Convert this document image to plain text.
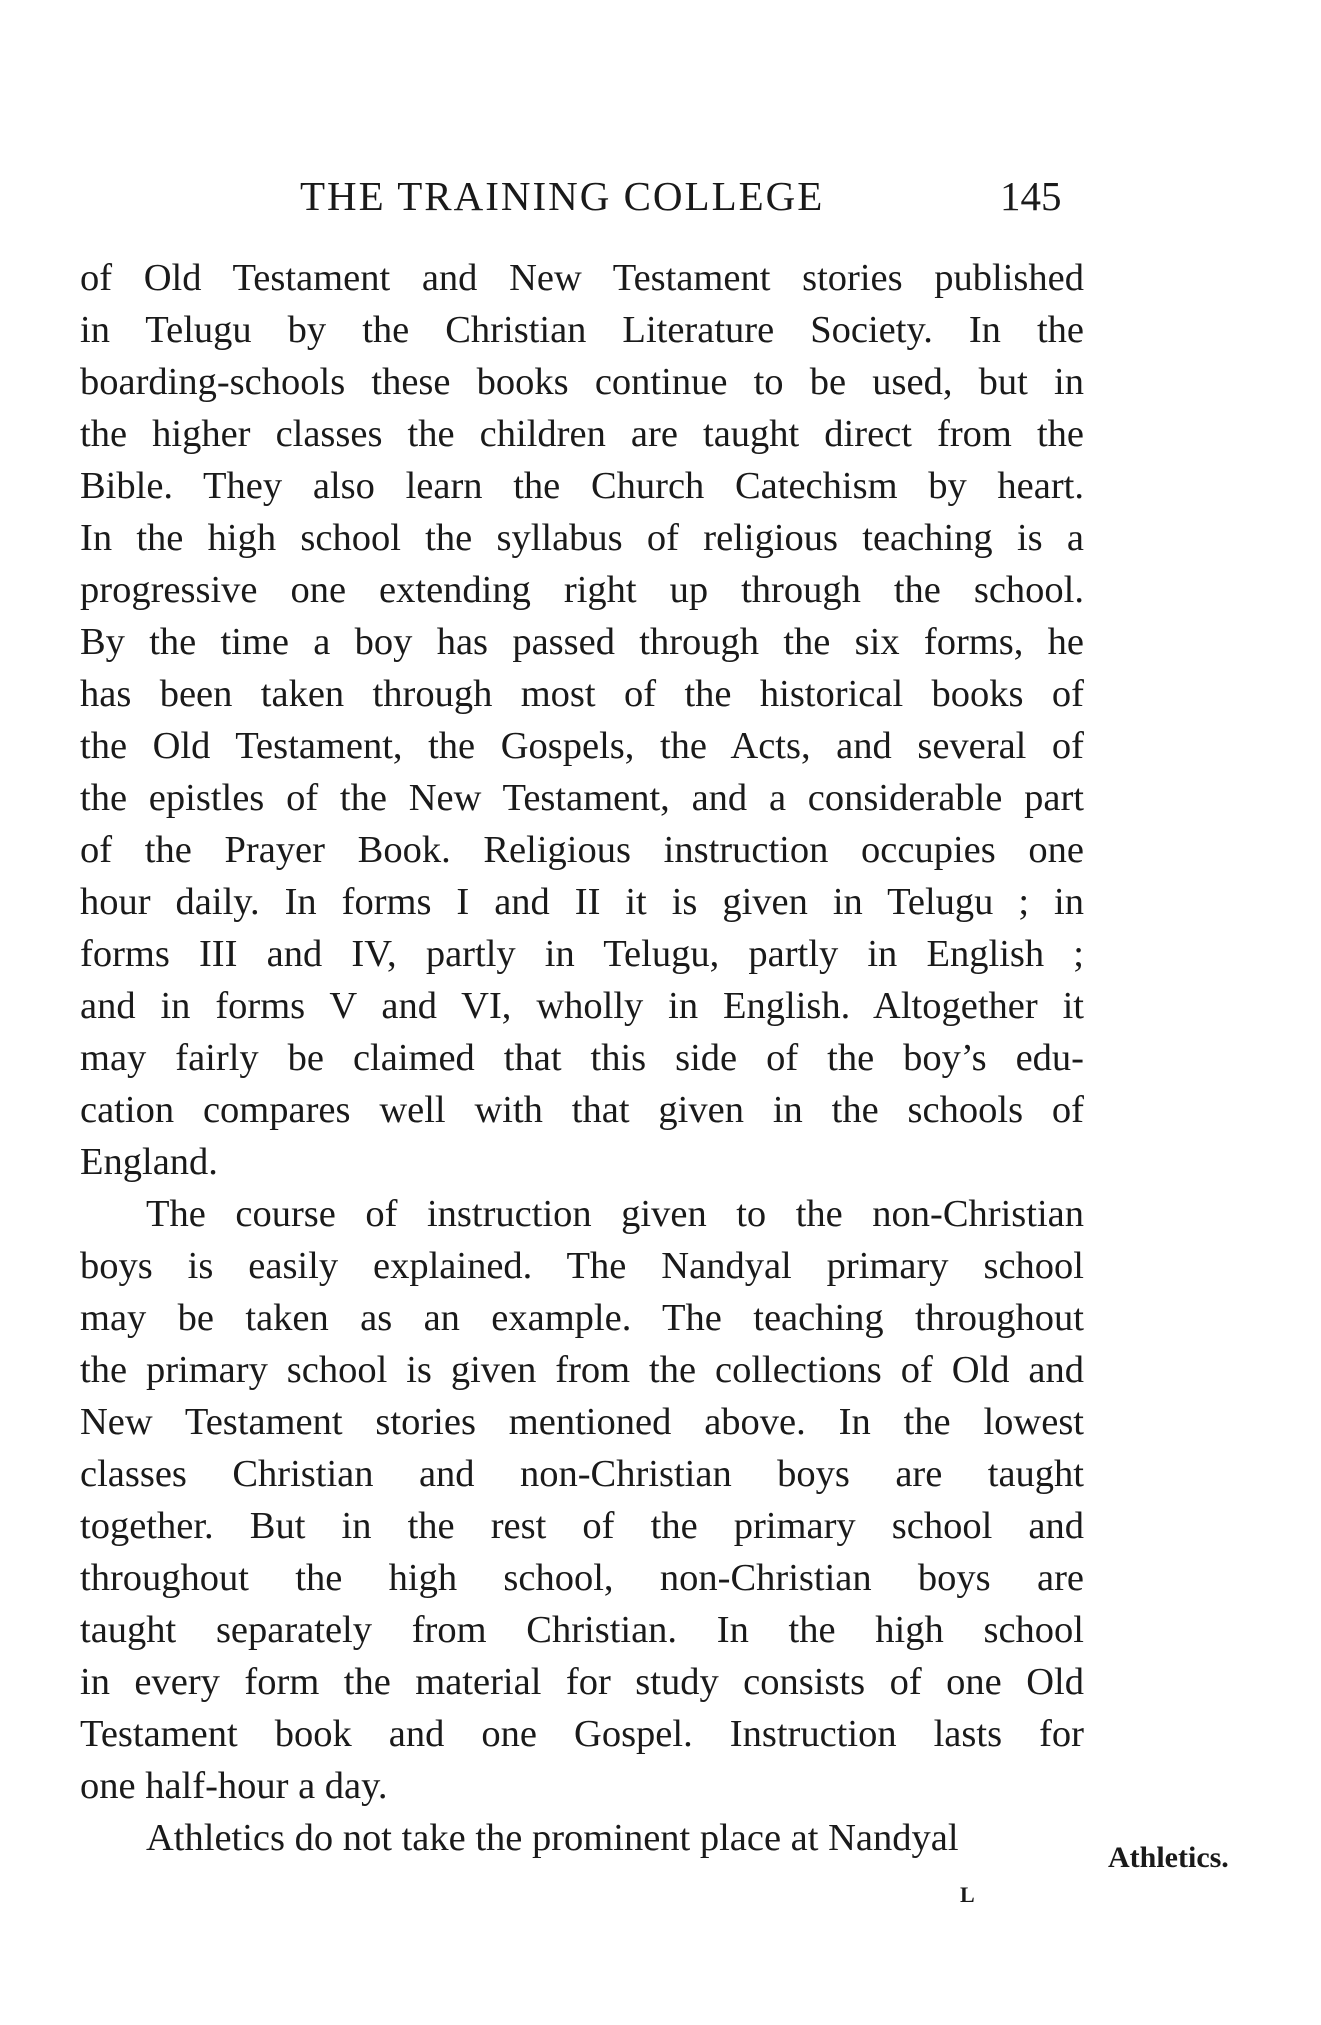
THE TRAINING COLLEGE	145
of Old Testament and New Testament stories published
in Telugu by the Christian Literature Society. In the
boarding-schools these books continue to be used, but in
the higher classes the children are taught direct from the
Bible. They also learn the Church Catechism by heart.
In the high school the syllabus of religious teaching is a
progressive one extending right up through the school.
By the time a boy has passed through the six forms, he
has been taken through most of the historical books of
the Old Testament, the Gospels, the Acts, and several of
the epistles of the New Testament, and a considerable part
of the Prayer Book. Religious instruction occupies one
hour daily. In forms I and II it is given in Telugu ; in
forms III and IV, partly in Telugu, partly in English ;
and in forms V and VI, wholly in English. Altogether it
may fairly be claimed that this side of the boy’s edu-
cation compares well with that given in the schools of
England.
The course of instruction given to the non-Christian
boys is easily explained. The Nandyal primary school
may be taken as an example. The teaching throughout
the primary school is given from the collections of Old and
New Testament stories mentioned above. In the lowest
classes Christian and non-Christian boys are taught
together. But in the rest of the primary school and
throughout the high school, non-Christian boys are
taught separately from Christian. In the high school
in every form the material for study consists of one Old
Testament book and one Gospel. Instruction lasts for
one half-hour a day.
Athletics do not take the prominent place at Nandyal	Athletics.
L
